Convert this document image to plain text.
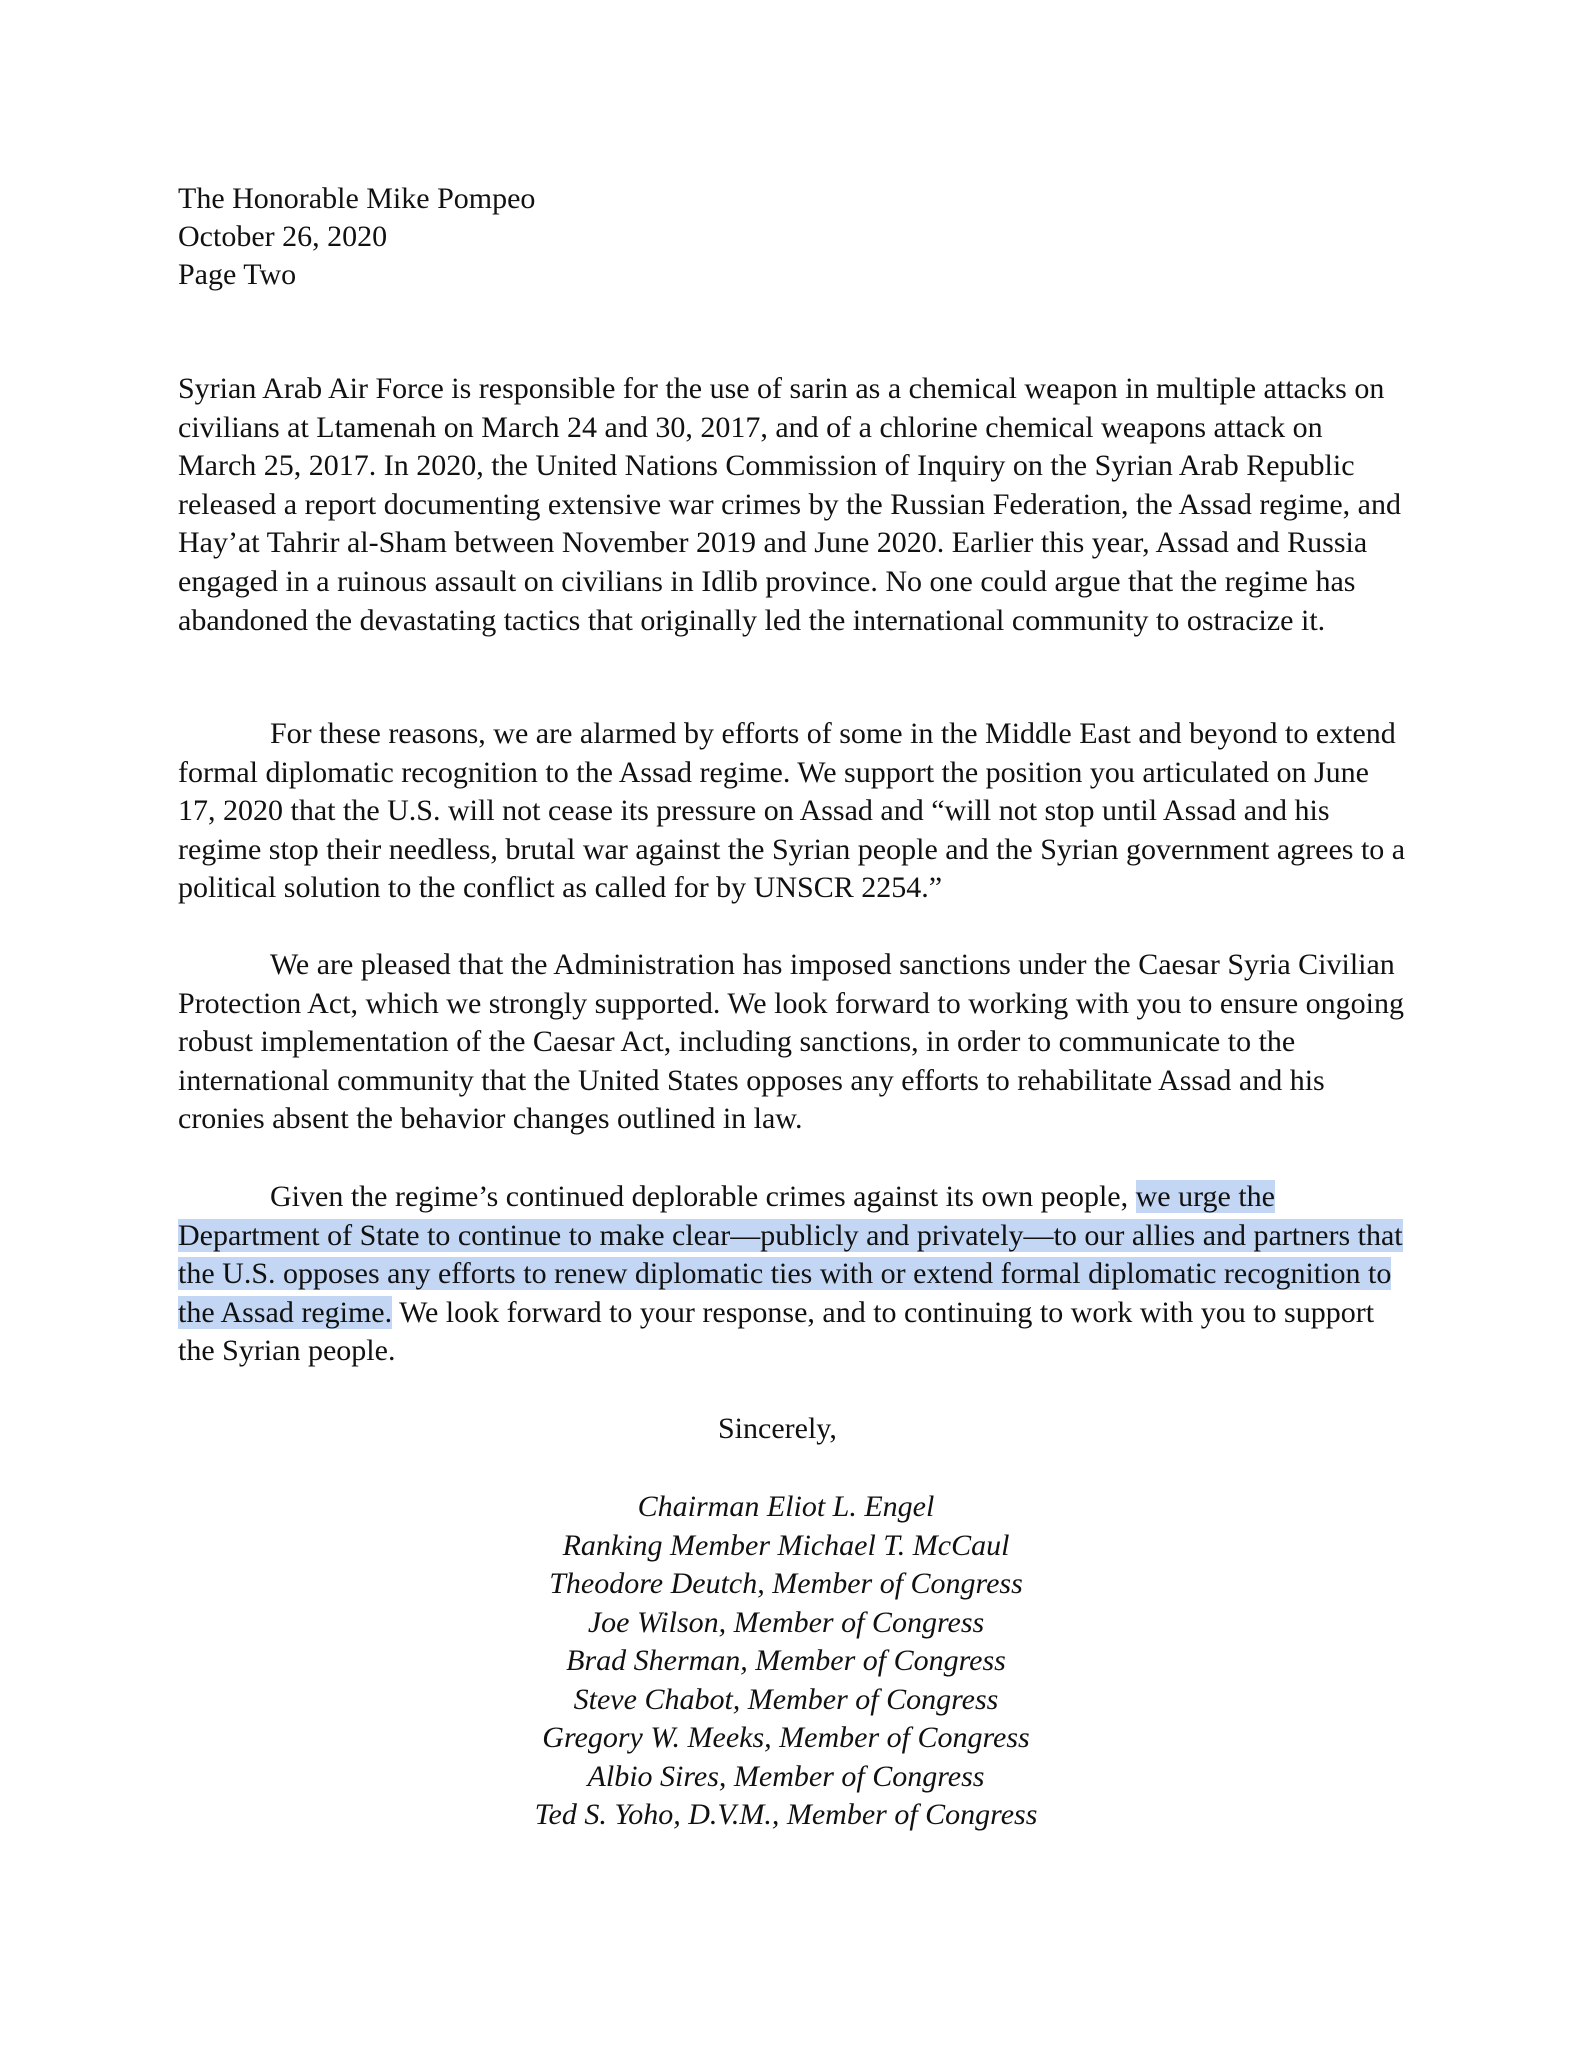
The Honorable Mike Pompeo
October 26, 2020
Page Two

Syrian Arab Air Force is responsible for the use of sarin as a chemical weapon in multiple attacks on civilians at Ltamenah on March 24 and 30, 2017, and of a chlorine chemical weapons attack on March 25, 2017. In 2020, the United Nations Commission of Inquiry on the Syrian Arab Republic released a report documenting extensive war crimes by the Russian Federation, the Assad regime, and Hay’at Tahrir al-Sham between November 2019 and June 2020. Earlier this year, Assad and Russia engaged in a ruinous assault on civilians in Idlib province. No one could argue that the regime has abandoned the devastating tactics that originally led the international community to ostracize it.

For these reasons, we are alarmed by efforts of some in the Middle East and beyond to extend formal diplomatic recognition to the Assad regime. We support the position you articulated on June 17, 2020 that the U.S. will not cease its pressure on Assad and “will not stop until Assad and his regime stop their needless, brutal war against the Syrian people and the Syrian government agrees to a political solution to the conflict as called for by UNSCR 2254.”

We are pleased that the Administration has imposed sanctions under the Caesar Syria Civilian Protection Act, which we strongly supported. We look forward to working with you to ensure ongoing robust implementation of the Caesar Act, including sanctions, in order to communicate to the international community that the United States opposes any efforts to rehabilitate Assad and his cronies absent the behavior changes outlined in law.

Given the regime’s continued deplorable crimes against its own people, we urge the Department of State to continue to make clear—publicly and privately—to our allies and partners that the U.S. opposes any efforts to renew diplomatic ties with or extend formal diplomatic recognition to the Assad regime. We look forward to your response, and to continuing to work with you to support the Syrian people.

Sincerely,
Chairman Eliot L. Engel
Ranking Member Michael T. McCaul
Theodore Deutch, Member of Congress
Joe Wilson, Member of Congress
Brad Sherman, Member of Congress
Steve Chabot, Member of Congress
Gregory W. Meeks, Member of Congress
Albio Sires, Member of Congress
Ted S. Yoho, D.V.M., Member of Congress
